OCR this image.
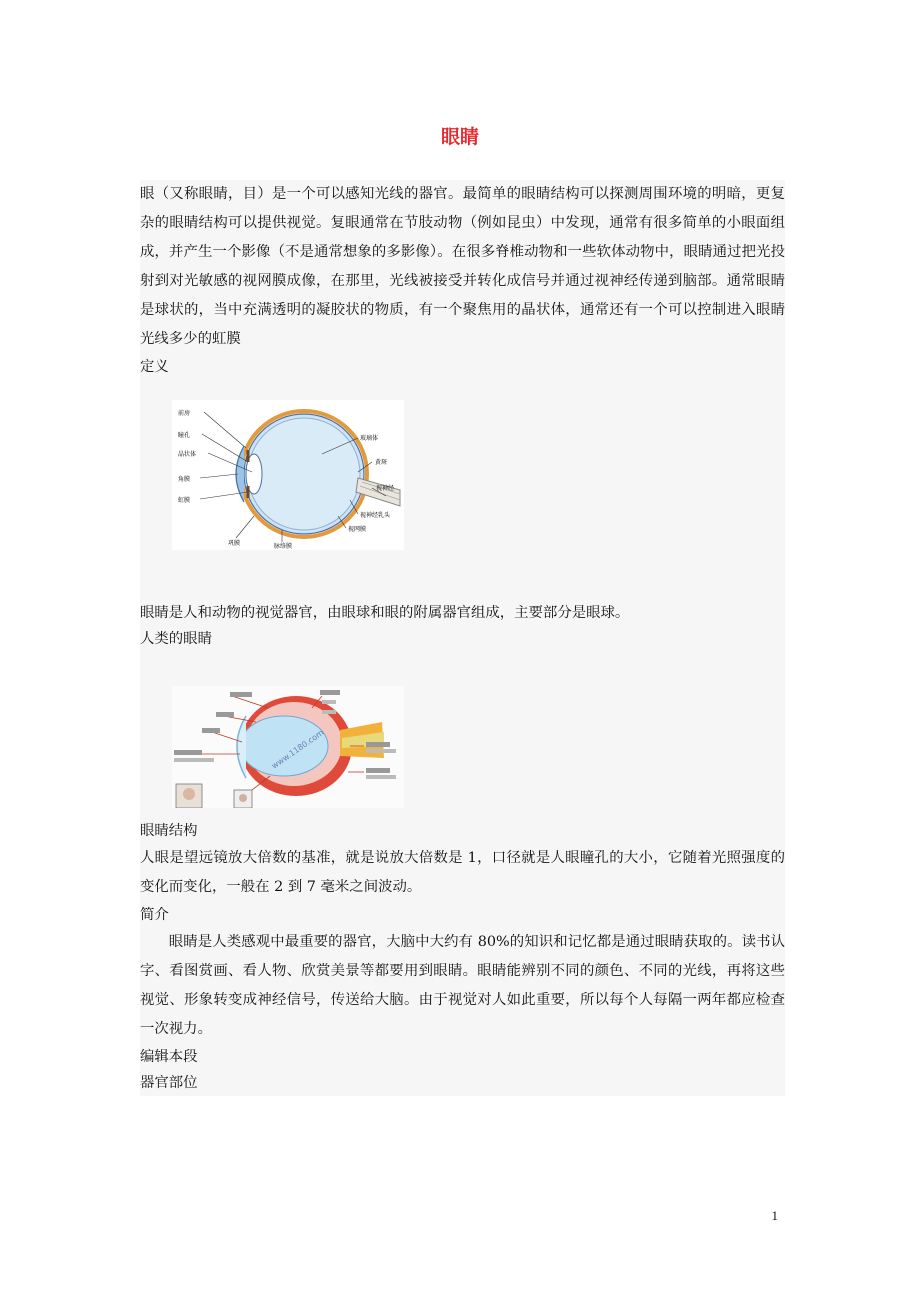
眼睛

眼（又称眼睛，目）是一个可以感知光线的器官。最简单的眼睛结构可以探测周围环境的明暗，更复杂的眼睛结构可以提供视觉。复眼通常在节肢动物（例如昆虫）中发现，通常有很多简单的小眼面组成，并产生一个影像（不是通常想象的多影像）。在很多脊椎动物和一些软体动物中，眼睛通过把光投射到对光敏感的视网膜成像，在那里，光线被接受并转化成信号并通过视神经传递到脑部。通常眼睛是球状的，当中充满透明的凝胶状的物质，有一个聚焦用的晶状体，通常还有一个可以控制进入眼睛光线多少的虹膜

定义

前房
瞳孔
晶状体
角膜
虹膜
玻璃体
黄斑
视神经
视神经乳头
视网膜
巩膜	脉络膜

眼睛是人和动物的视觉器官，由眼球和眼的附属器官组成，主要部分是眼球。

人类的眼睛

www.1180.com

眼睛结构

人眼是望远镜放大倍数的基准，就是说放大倍数是 1，口径就是人眼瞳孔的大小，它随着光照强度的变化而变化，一般在 2 到 7 毫米之间波动。

简介

眼睛是人类感观中最重要的器官，大脑中大约有 80%的知识和记忆都是通过眼睛获取的。读书认字、看图赏画、看人物、欣赏美景等都要用到眼睛。眼睛能辨别不同的颜色、不同的光线，再将这些视觉、形象转变成神经信号，传送给大脑。由于视觉对人如此重要，所以每个人每隔一两年都应检查一次视力。

编辑本段

器官部位

1
